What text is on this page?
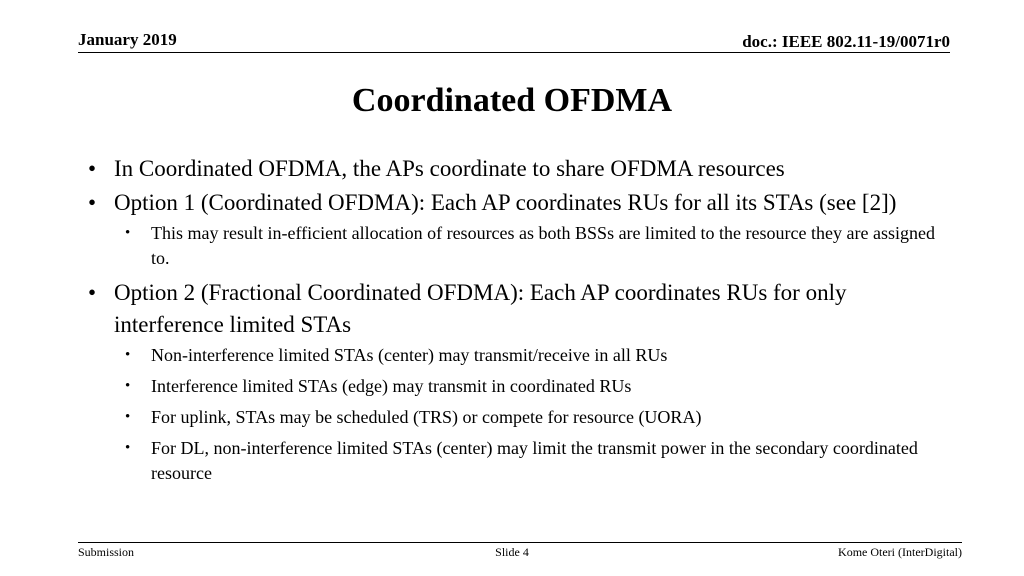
January 2019	doc.: IEEE 802.11-19/0071r0
Coordinated OFDMA
• In Coordinated OFDMA, the APs coordinate to share OFDMA resources
• Option 1 (Coordinated OFDMA): Each AP coordinates RUs for all its STAs (see [2])
• This may result in-efficient allocation of resources as both BSSs are limited to the resource they are assigned to.
• Option 2 (Fractional Coordinated OFDMA): Each AP coordinates RUs for only interference limited STAs
• Non-interference limited STAs (center) may transmit/receive in all RUs
• Interference limited STAs (edge) may transmit in coordinated RUs
• For uplink, STAs may be scheduled (TRS) or compete for resource (UORA)
• For DL, non-interference limited STAs (center) may limit the transmit power in the secondary coordinated resource
Submission	Slide 4	Kome Oteri (InterDigital)
